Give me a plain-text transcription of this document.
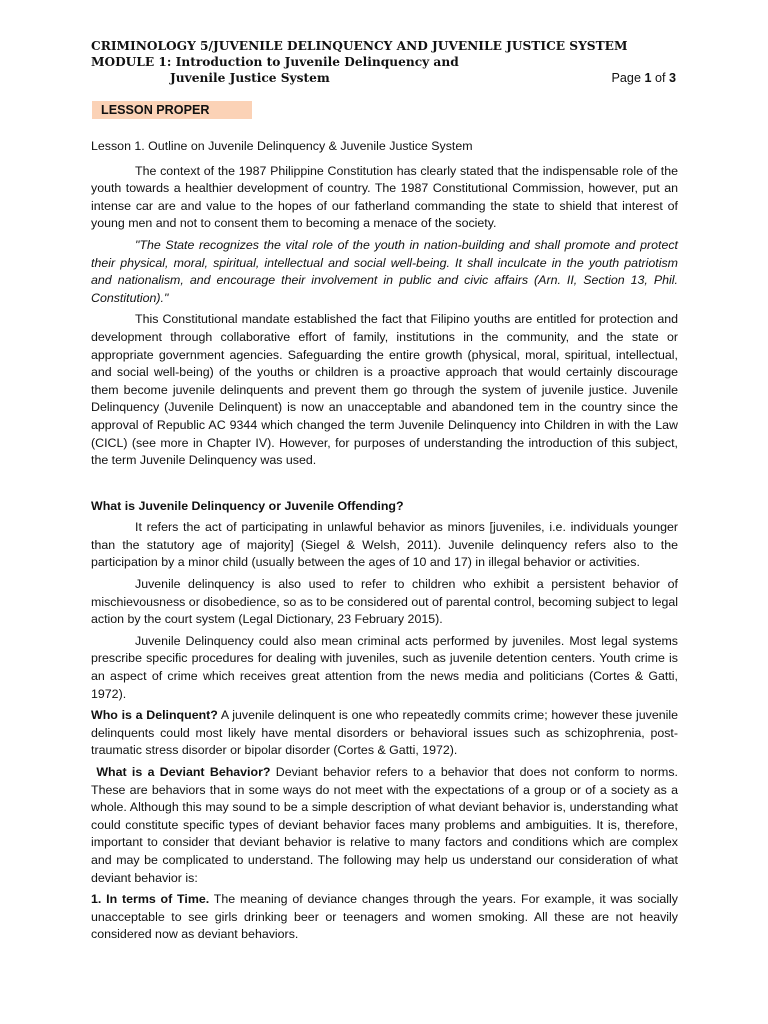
CRIMINOLOGY 5/JUVENILE DELINQUENCY AND JUVENILE JUSTICE SYSTEM
MODULE 1: Introduction to Juvenile Delinquency and
Juvenile Justice System	Page 1 of 3
LESSON PROPER

Lesson 1. Outline on Juvenile Delinquency & Juvenile Justice System

The context of the 1987 Philippine Constitution has clearly stated that the indispensable role of the youth towards a healthier development of country. The 1987 Constitutional Commission, however, put an intense car are and value to the hopes of our fatherland commanding the state to shield that interest of young men and not to consent them to becoming a menace of the society.

"The State recognizes the vital role of the youth in nation-building and shall promote and protect their physical, moral, spiritual, intellectual and social well-being. It shall inculcate in the youth patriotism and nationalism, and encourage their involvement in public and civic affairs (Arn. II, Section 13, Phil. Constitution)."

This Constitutional mandate established the fact that Filipino youths are entitled for protection and development through collaborative effort of family, institutions in the community, and the state or appropriate government agencies. Safeguarding the entire growth (physical, moral, spiritual, intellectual, and social well-being) of the youths or children is a proactive approach that would certainly discourage them become juvenile delinquents and prevent them go through the system of juvenile justice. Juvenile Delinquency (Juvenile Delinquent) is now an unacceptable and abandoned tem in the country since the approval of Republic AC 9344 which changed the term Juvenile Delinquency into Children in with the Law (CICL) (see more in Chapter IV). However, for purposes of understanding the introduction of this subject, the term Juvenile Delinquency was used.

What is Juvenile Delinquency or Juvenile Offending?

It refers the act of participating in unlawful behavior as minors [juveniles, i.e. individuals younger than the statutory age of majority] (Siegel & Welsh, 2011). Juvenile delinquency refers also to the participation by a minor child (usually between the ages of 10 and 17) in illegal behavior or activities.

Juvenile delinquency is also used to refer to children who exhibit a persistent behavior of mischievousness or disobedience, so as to be considered out of parental control, becoming subject to legal action by the court system (Legal Dictionary, 23 February 2015).

Juvenile Delinquency could also mean criminal acts performed by juveniles. Most legal systems prescribe specific procedures for dealing with juveniles, such as juvenile detention centers. Youth crime is an aspect of crime which receives great attention from the news media and politicians (Cortes & Gatti, 1972).

Who is a Delinquent? A juvenile delinquent is one who repeatedly commits crime; however these juvenile delinquents could most likely have mental disorders or behavioral issues such as schizophrenia, post-traumatic stress disorder or bipolar disorder (Cortes & Gatti, 1972).

What is a Deviant Behavior? Deviant behavior refers to a behavior that does not conform to norms. These are behaviors that in some ways do not meet with the expectations of a group or of a society as a whole. Although this may sound to be a simple description of what deviant behavior is, understanding what could constitute specific types of deviant behavior faces many problems and ambiguities. It is, therefore, important to consider that deviant behavior is relative to many factors and conditions which are complex and may be complicated to understand. The following may help us understand our consideration of what deviant behavior is:

1. In terms of Time. The meaning of deviance changes through the years. For example, it was socially unacceptable to see girls drinking beer or teenagers and women smoking. All these are not heavily considered now as deviant behaviors.
